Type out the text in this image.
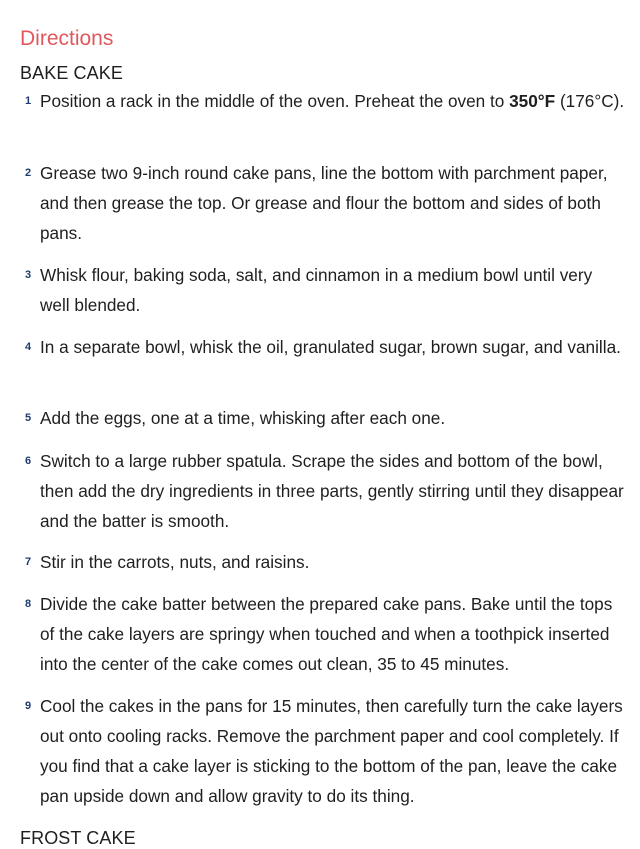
Directions
BAKE CAKE
1 Position a rack in the middle of the oven. Preheat the oven to 350°F (176°C).
2 Grease two 9-inch round cake pans, line the bottom with parchment paper, and then grease the top. Or grease and flour the bottom and sides of both pans.
3 Whisk flour, baking soda, salt, and cinnamon in a medium bowl until very well blended.
4 In a separate bowl, whisk the oil, granulated sugar, brown sugar, and vanilla.
5 Add the eggs, one at a time, whisking after each one.
6 Switch to a large rubber spatula. Scrape the sides and bottom of the bowl, then add the dry ingredients in three parts, gently stirring until they disappear and the batter is smooth.
7 Stir in the carrots, nuts, and raisins.
8 Divide the cake batter between the prepared cake pans. Bake until the tops of the cake layers are springy when touched and when a toothpick inserted into the center of the cake comes out clean, 35 to 45 minutes.
9 Cool the cakes in the pans for 15 minutes, then carefully turn the cake layers out onto cooling racks. Remove the parchment paper and cool completely. If you find that a cake layer is sticking to the bottom of the pan, leave the cake pan upside down and allow gravity to do its thing.
FROST CAKE
